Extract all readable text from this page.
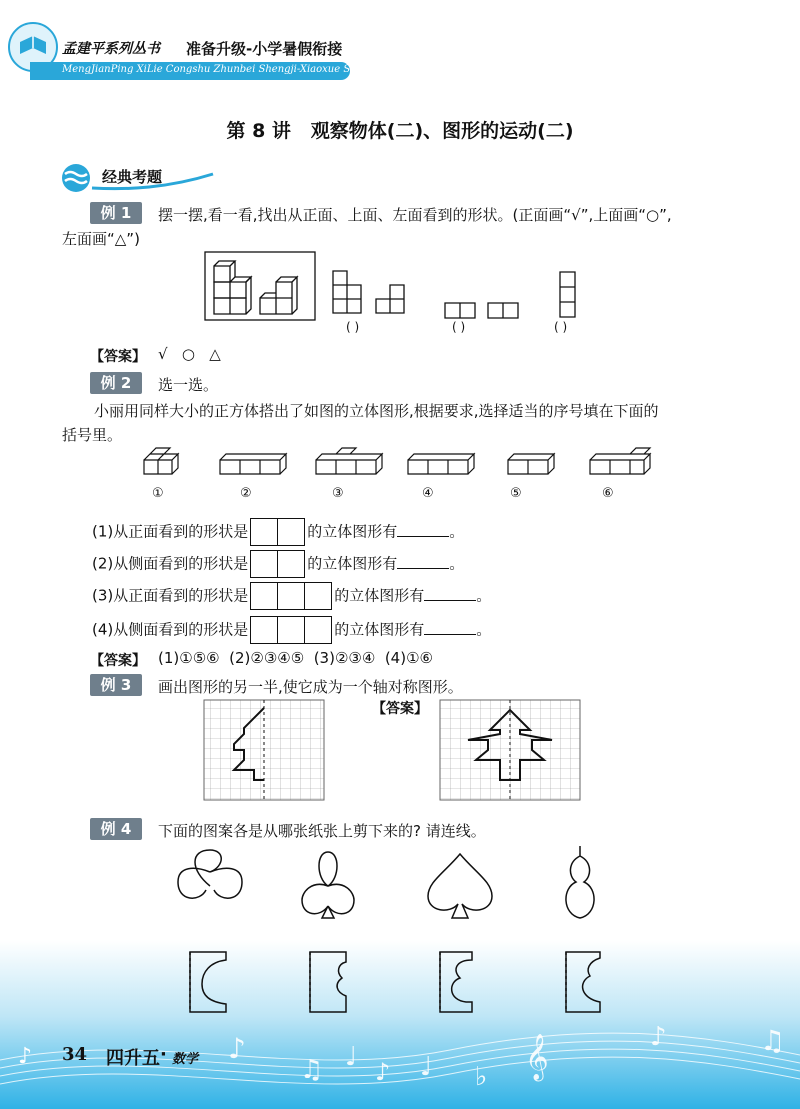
♪
♫ ♩ ♪ ♩ ♭ 𝄞	♪	♫
孟建平系列丛书 准备升级-小学暑假衔接
MengJianPing XiLie Congshu Zhunbei Shengji-Xiaoxue Shujia Xianjie
第 8 讲   观察物体(二)、图形的运动(二)
经典考题
例 1	摆一摆,看一看,找出从正面、上面、左面看到的形状。(正面画“√”,上面画“○”,
左面画“△”)
( )	( )	( )
【答案】 √   ○   △
例 2	选一选。
小丽用同样大小的正方体搭出了如图的立体图形,根据要求,选择适当的序号填在下面的
括号里。
①	②	③	④	⑤	⑥
(1)从正面看到的形状是	的立体图形有	。
(2)从侧面看到的形状是	的立体图形有	。
(3)从正面看到的形状是	的立体图形有	。
(4)从侧面看到的形状是	的立体图形有	。
【答案】 (1)①⑤⑥  (2)②③④⑤  (3)②③④  (4)①⑥
例 3	画出图形的另一半,使它成为一个轴对称图形。
【答案】
例 4	下面的图案各是从哪张纸张上剪下来的? 请连线。
♪ 34 四升五 · 数学
